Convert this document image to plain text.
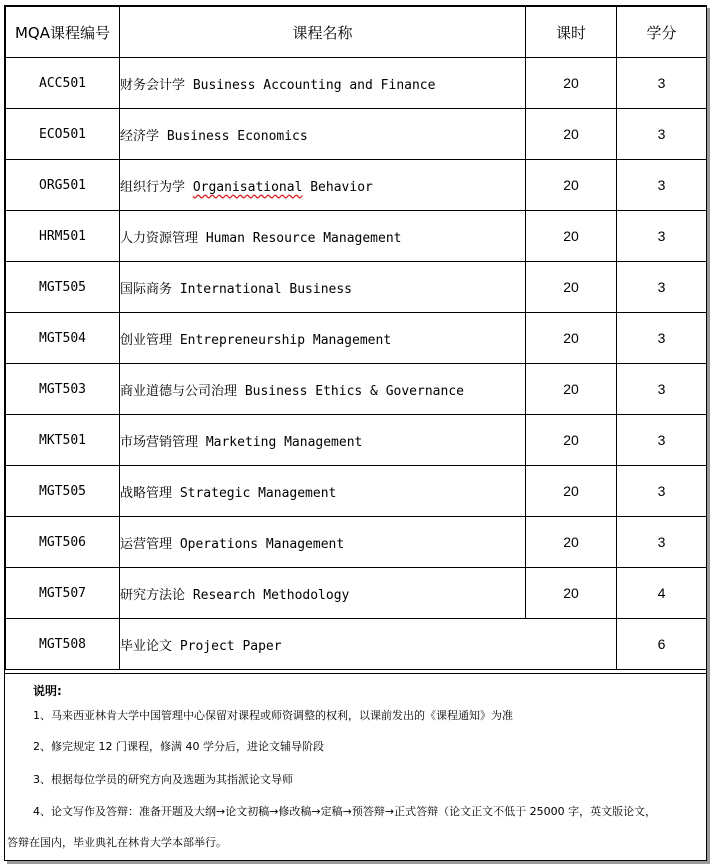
MQA课程编号	课程名称	课时	学分
ACC501	财务会计学 Business Accounting and Finance	20	3
ECO501	经济学 Business Economics	20	3
ORG501	组织行为学 Organisational Behavior	20	3
HRM501	人力资源管理 Human Resource Management	20	3
MGT505	国际商务 International Business	20	3
MGT504	创业管理 Entrepreneurship Management	20	3
MGT503	商业道德与公司治理 Business Ethics & Governance	20	3
MKT501	市场营销管理 Marketing Management	20	3
MGT505	战略管理 Strategic Management	20	3
MGT506	运营管理 Operations Management	20	3
MGT507	研究方法论 Research Methodology	20	4
MGT508	毕业论文 Project Paper		6
说明:
1、马来西亚林肯大学中国管理中心保留对课程或师资调整的权利，以课前发出的《课程通知》为准
2、修完规定 12 门课程，修满 40 学分后，进论文辅导阶段
3、根据每位学员的研究方向及选题为其指派论文导师
4、论文写作及答辩：准备开题及大纲→论文初稿→修改稿→定稿→预答辩→正式答辩（论文正文不低于 25000 字，英文版论文，
答辩在国内，毕业典礼在林肯大学本部举行。
